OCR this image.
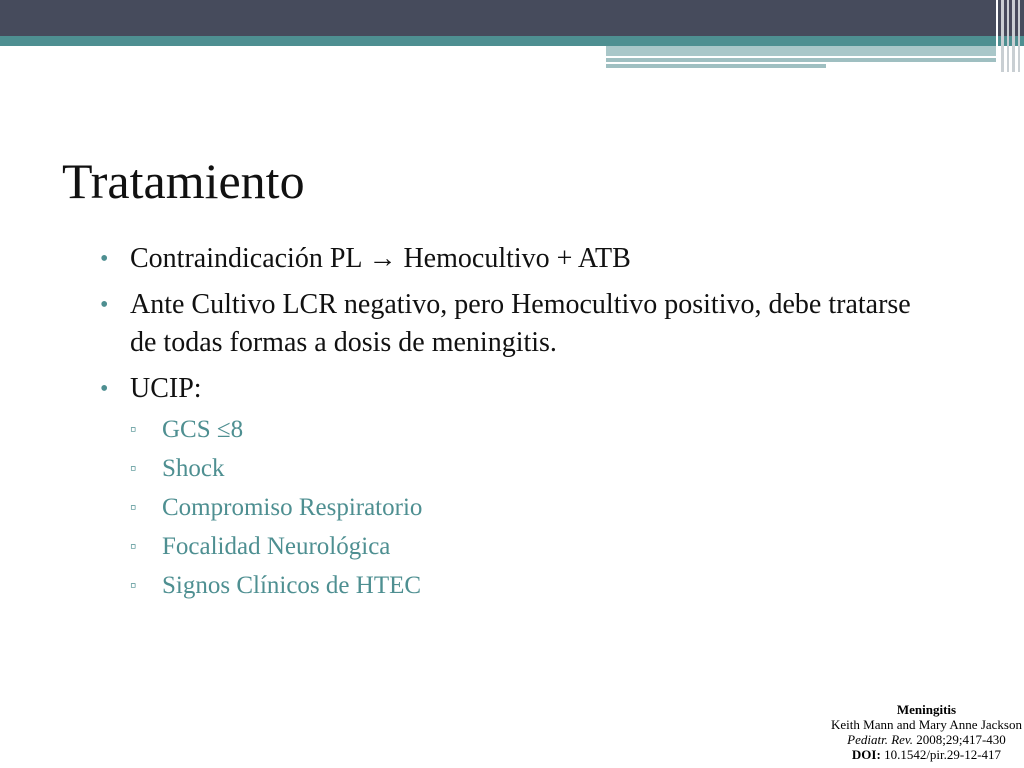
Tratamiento
• Contraindicación PL → Hemocultivo + ATB
• Ante Cultivo LCR negativo, pero Hemocultivo positivo, debe tratarse de todas formas a dosis de meningitis.
• UCIP:
▫ GCS ≤8
▫ Shock
▫ Compromiso Respiratorio
▫ Focalidad Neurológica
▫ Signos Clínicos de HTEC
Meningitis
Keith Mann and Mary Anne Jackson
Pediatr. Rev. 2008;29;417-430
DOI: 10.1542/pir.29-12-417
